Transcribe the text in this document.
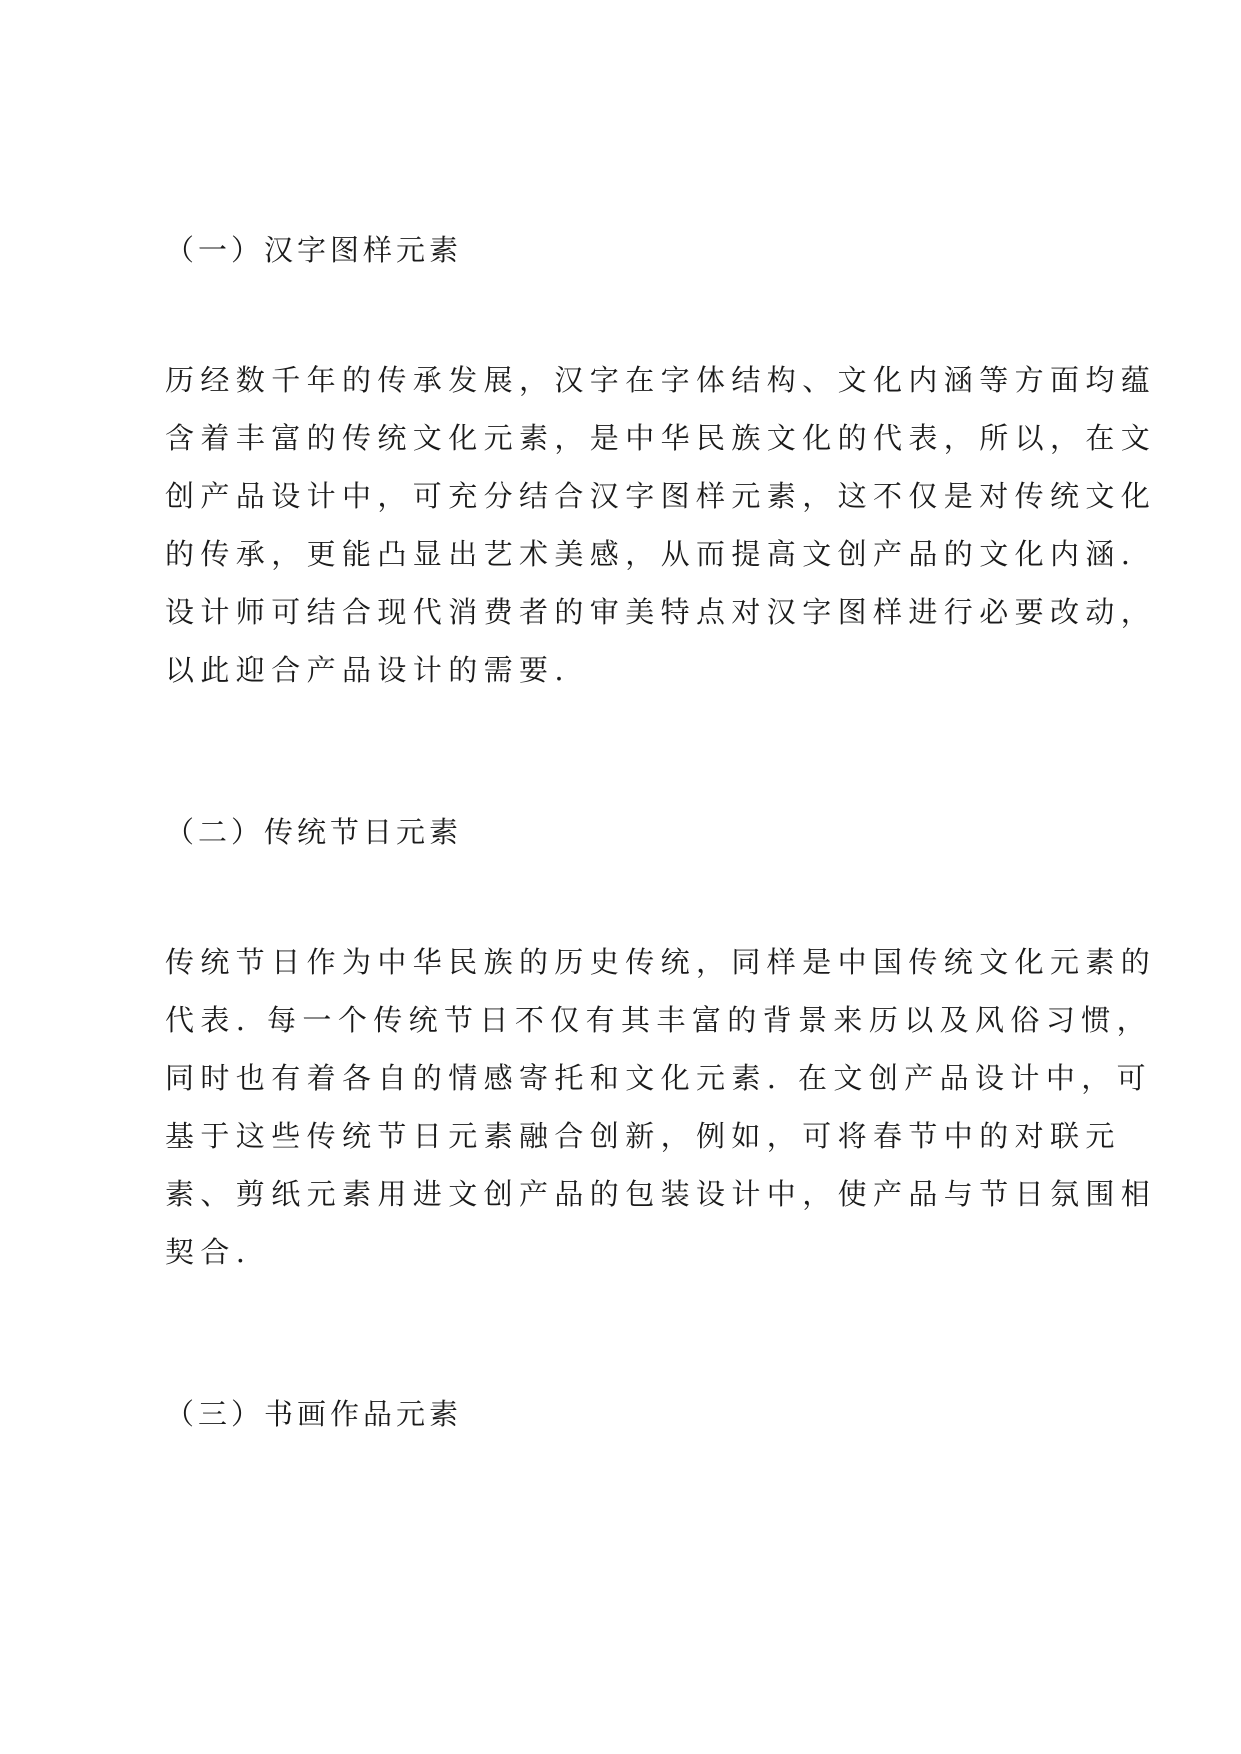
（一）汉字图样元素

历经数千年的传承发展，汉字在字体结构、文化内涵等方面均蕴

含着丰富的传统文化元素，是中华民族文化的代表，所以，在文

创产品设计中，可充分结合汉字图样元素，这不仅是对传统文化

的传承，更能凸显出艺术美感，从而提高文创产品的文化内涵.

设计师可结合现代消费者的审美特点对汉字图样进行必要改动，

以此迎合产品设计的需要.

（二）传统节日元素

传统节日作为中华民族的历史传统，同样是中国传统文化元素的

代表. 每一个传统节日不仅有其丰富的背景来历以及风俗习惯，

同时也有着各自的情感寄托和文化元素. 在文创产品设计中，可

基于这些传统节日元素融合创新，例如，可将春节中的对联元

素、剪纸元素用进文创产品的包装设计中，使产品与节日氛围相

契合.

（三）书画作品元素
